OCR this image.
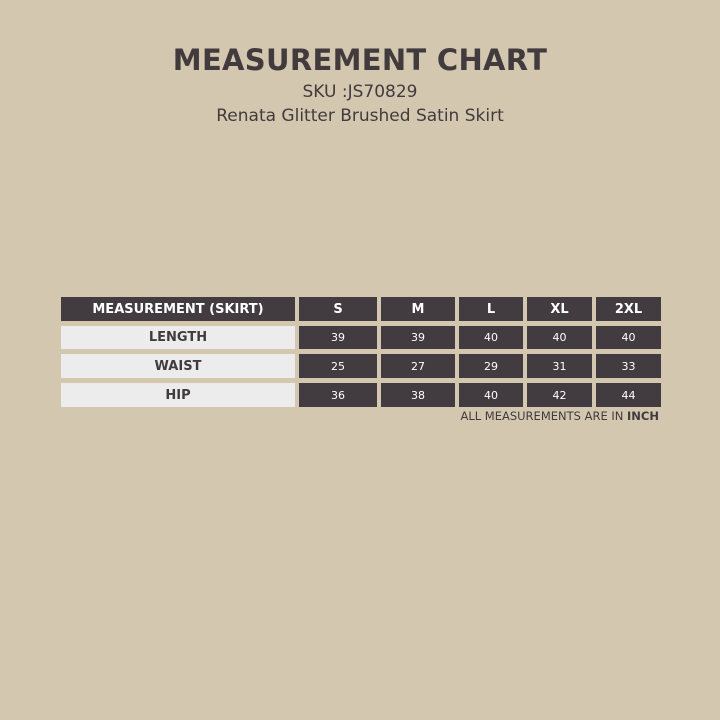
MEASUREMENT CHART
SKU :JS70829
Renata Glitter Brushed Satin Skirt
MEASUREMENT (SKIRT)	S	M	L	XL	2XL
LENGTH	39	39	40	40	40
WAIST	25	27	29	31	33
HIP	36	38	40	42	44
ALL MEASUREMENTS ARE IN INCH
